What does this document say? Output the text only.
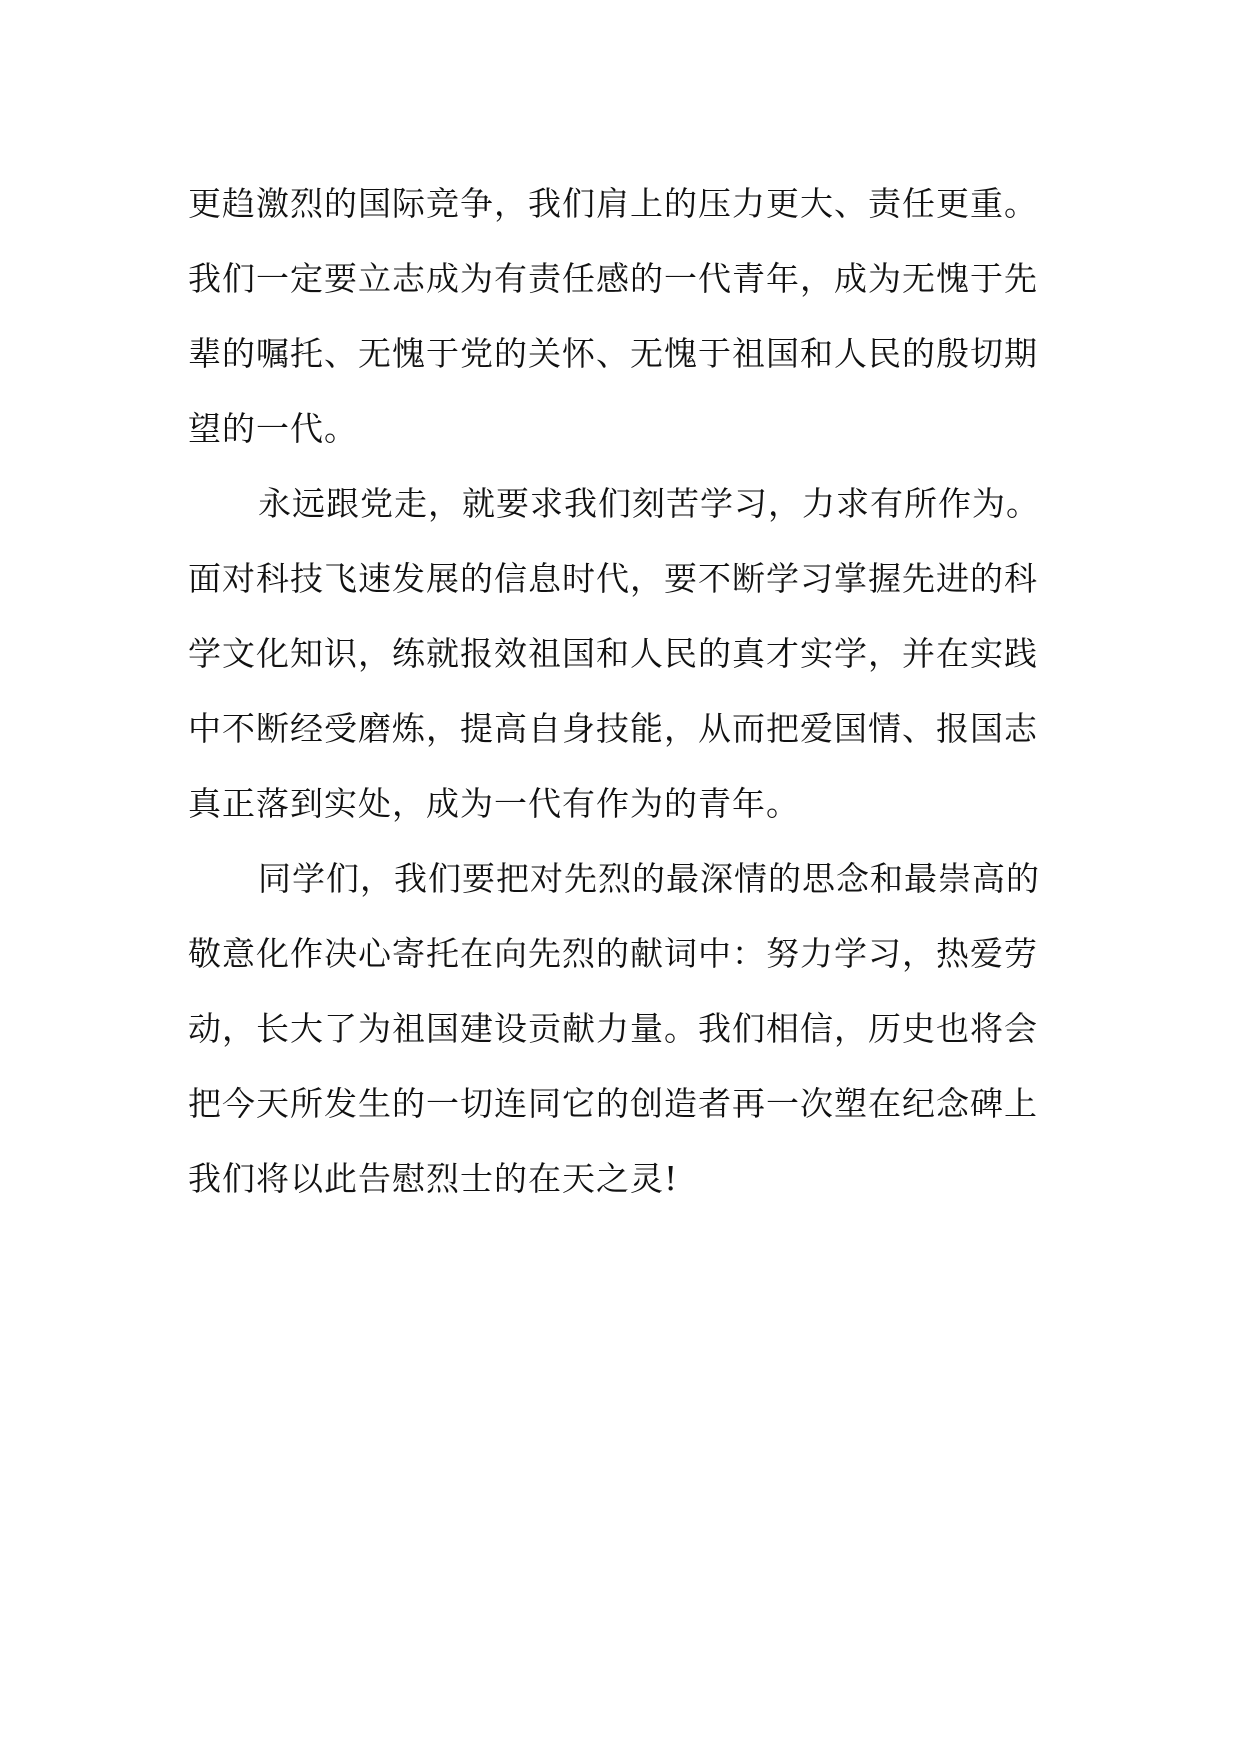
更趋激烈的国际竞争，我们肩上的压力更大、责任更重。
我们一定要立志成为有责任感的一代青年，成为无愧于先
辈的嘱托、无愧于党的关怀、无愧于祖国和人民的殷切期
望的一代。
永远跟党走，就要求我们刻苦学习，力求有所作为。
面对科技飞速发展的信息时代，要不断学习掌握先进的科
学文化知识，练就报效祖国和人民的真才实学，并在实践
中不断经受磨炼，提高自身技能，从而把爱国情、报国志
真正落到实处，成为一代有作为的青年。
同学们，我们要把对先烈的最深情的思念和最崇高的
敬意化作决心寄托在向先烈的献词中：努力学习，热爱劳
动，长大了为祖国建设贡献力量。我们相信，历史也将会
把今天所发生的一切连同它的创造者再一次塑在纪念碑上
我们将以此告慰烈士的在天之灵!
